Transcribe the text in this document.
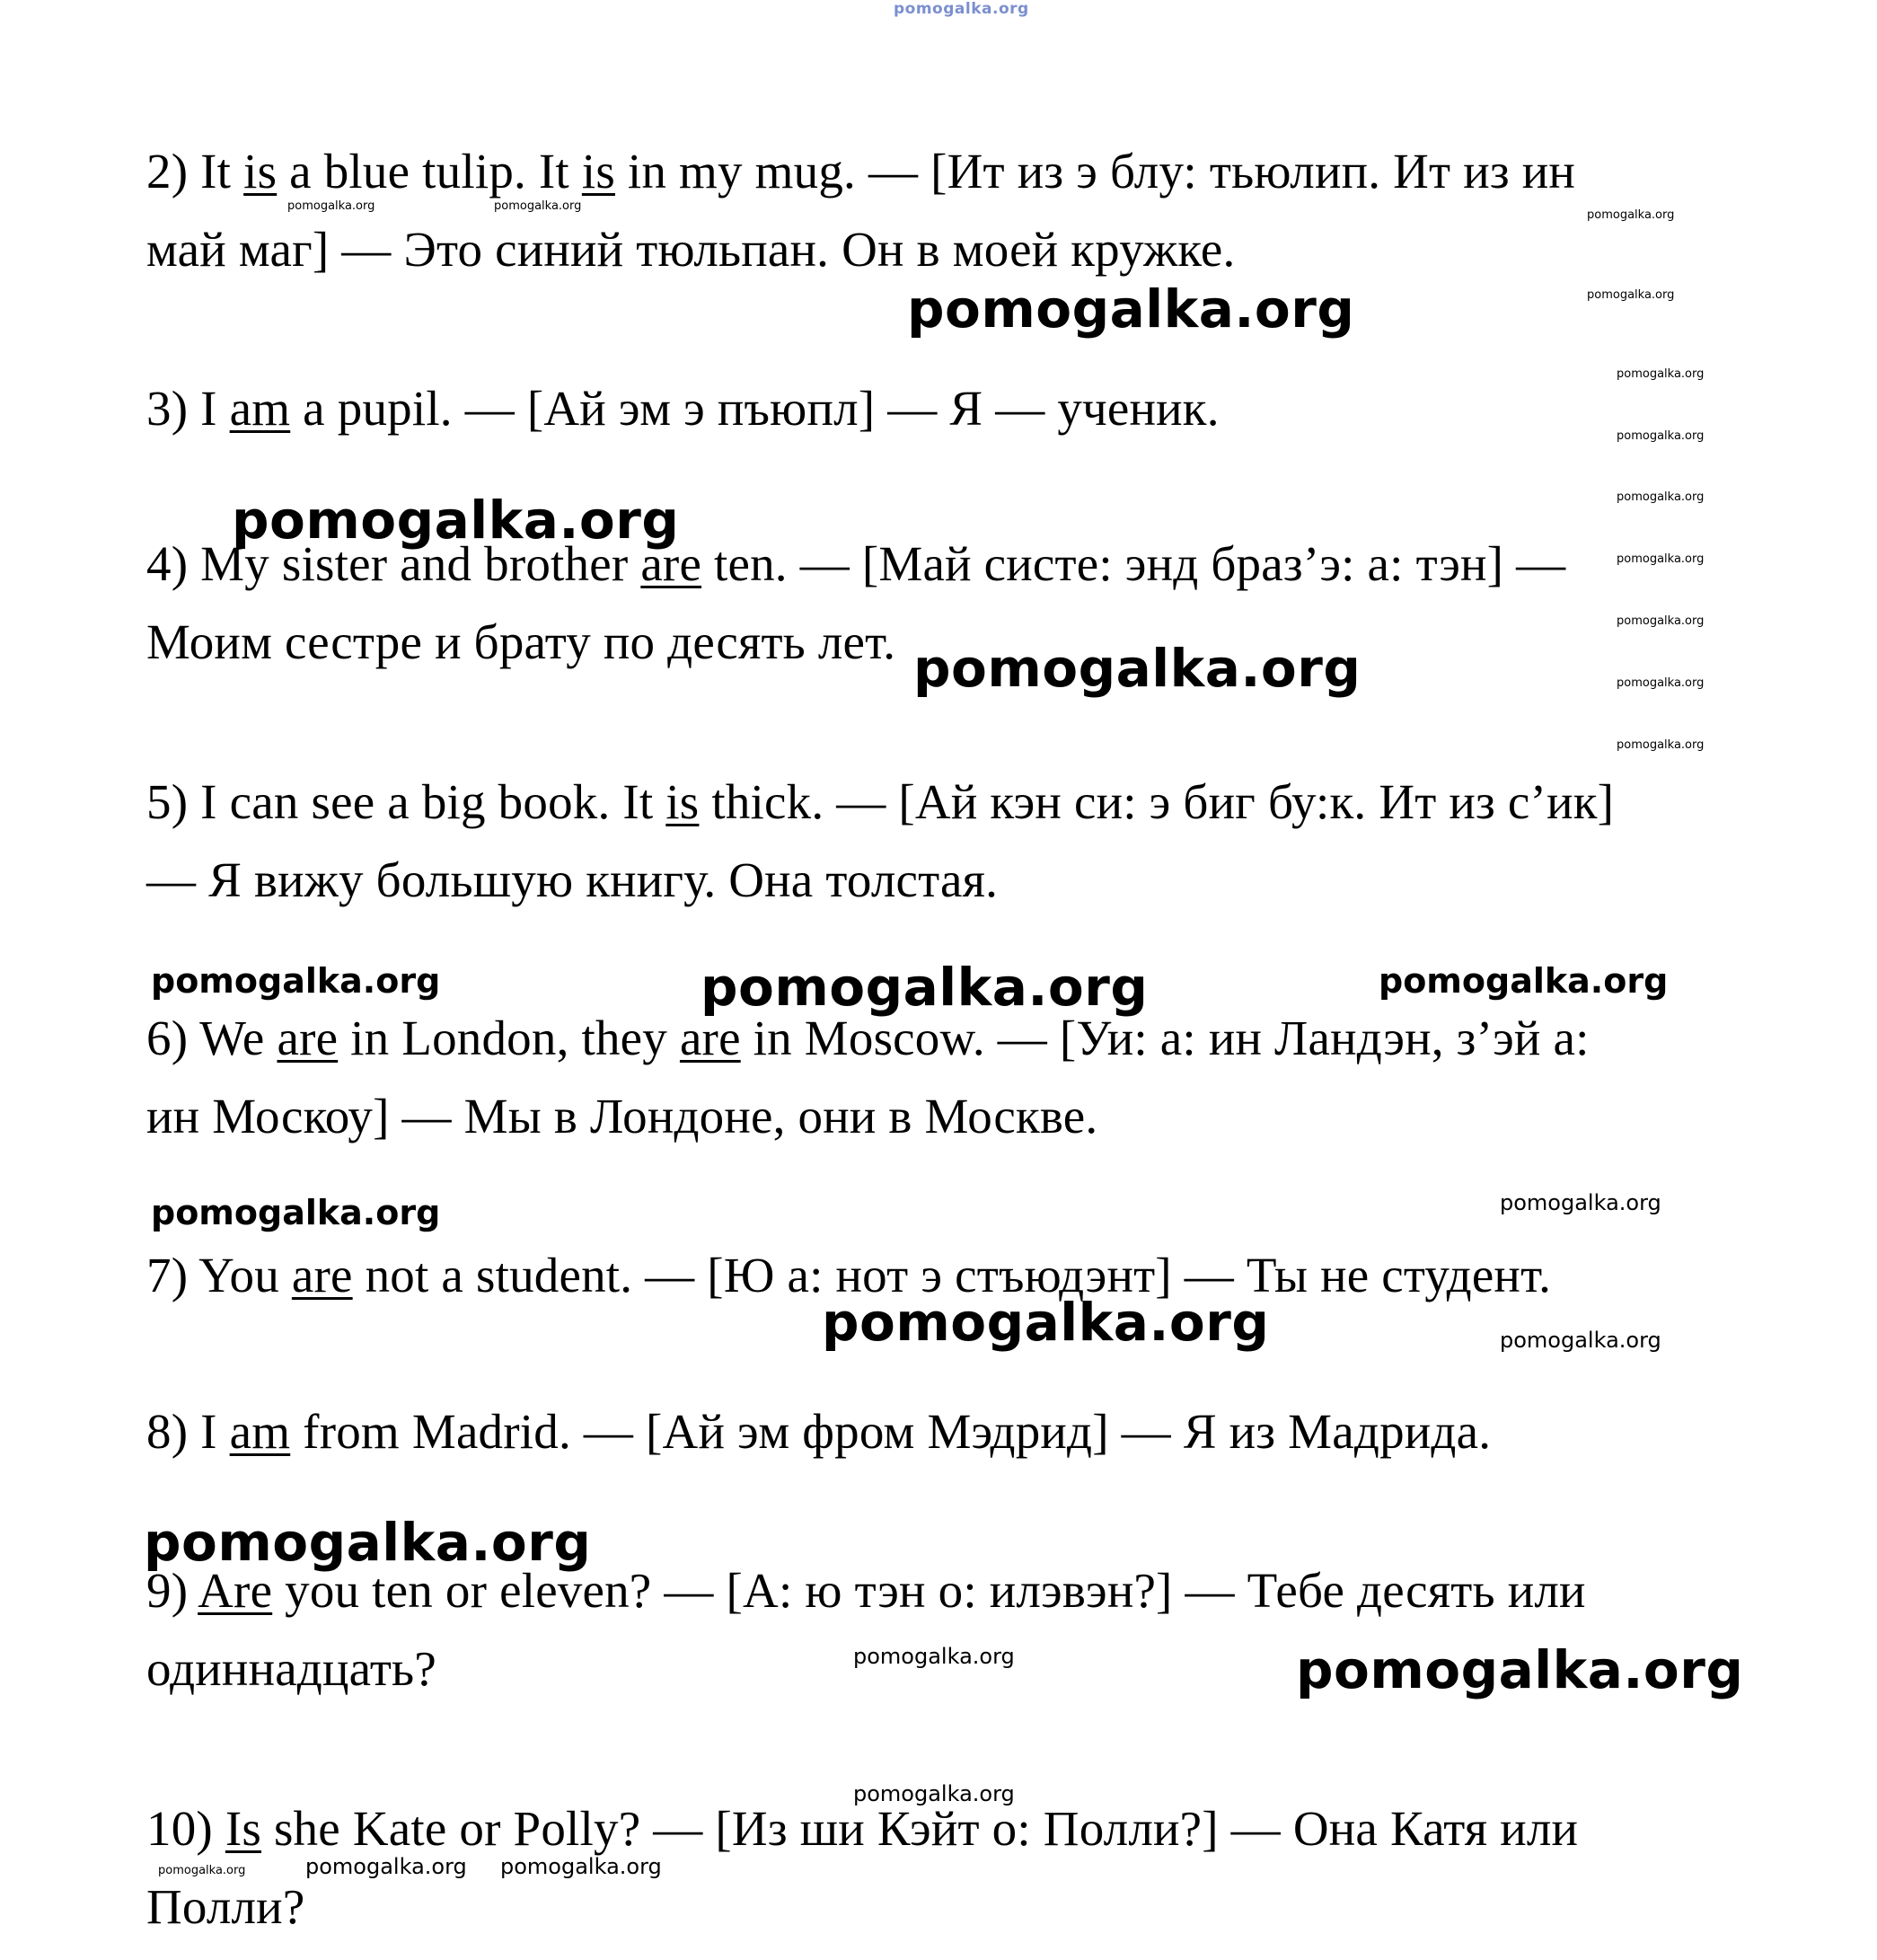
pomogalka.org
2) It is a blue tulip. It is in my mug. — [Ит из э блу: тьюлип. Ит из ин
май маг] — Это синий тюльпан. Он в моей кружке.
3) I am a pupil. — [Ай эм э пъюпл] — Я — ученик.
4) My sister and brother are ten. — [Май систе: энд браз’э: а: тэн] —
Моим сестре и брату по десять лет.
5) I can see a big book. It is thick. — [Ай кэн си: э биг бу:к. Ит из с’ик]
— Я вижу большую книгу. Она толстая.
6) We are in London, they are in Moscow. — [Уи: а: ин Ландэн, з’эй а:
ин Москоу] — Мы в Лондоне, они в Москве.
7) You are not a student. — [Ю а: нот э стъюдэнт] — Ты не студент.
8) I am from Madrid. — [Ай эм фром Мэдрид] — Я из Мадрида.
9) Are you ten or eleven? — [А: ю тэн о: илэвэн?] — Тебе десять или
одиннадцать?
10) Is she Kate or Polly? — [Из ши Кэйт о: Полли?] — Она Катя или
Полли?
pomogalka.org
pomogalka.org
pomogalka.org
pomogalka.org
pomogalka.org
pomogalka.org
pomogalka.org
pomogalka.org	pomogalka.org
pomogalka.org	pomogalka.org
pomogalka.org
pomogalka.org
pomogalka.org
pomogalka.org pomogalka.org
pomogalka.org
pomogalka.org
pomogalka.org
pomogalka.org
pomogalka.org
pomogalka.org
pomogalka.org
pomogalka.org
pomogalka.org
pomogalka.org	pomogalka.org
pomogalka.org
